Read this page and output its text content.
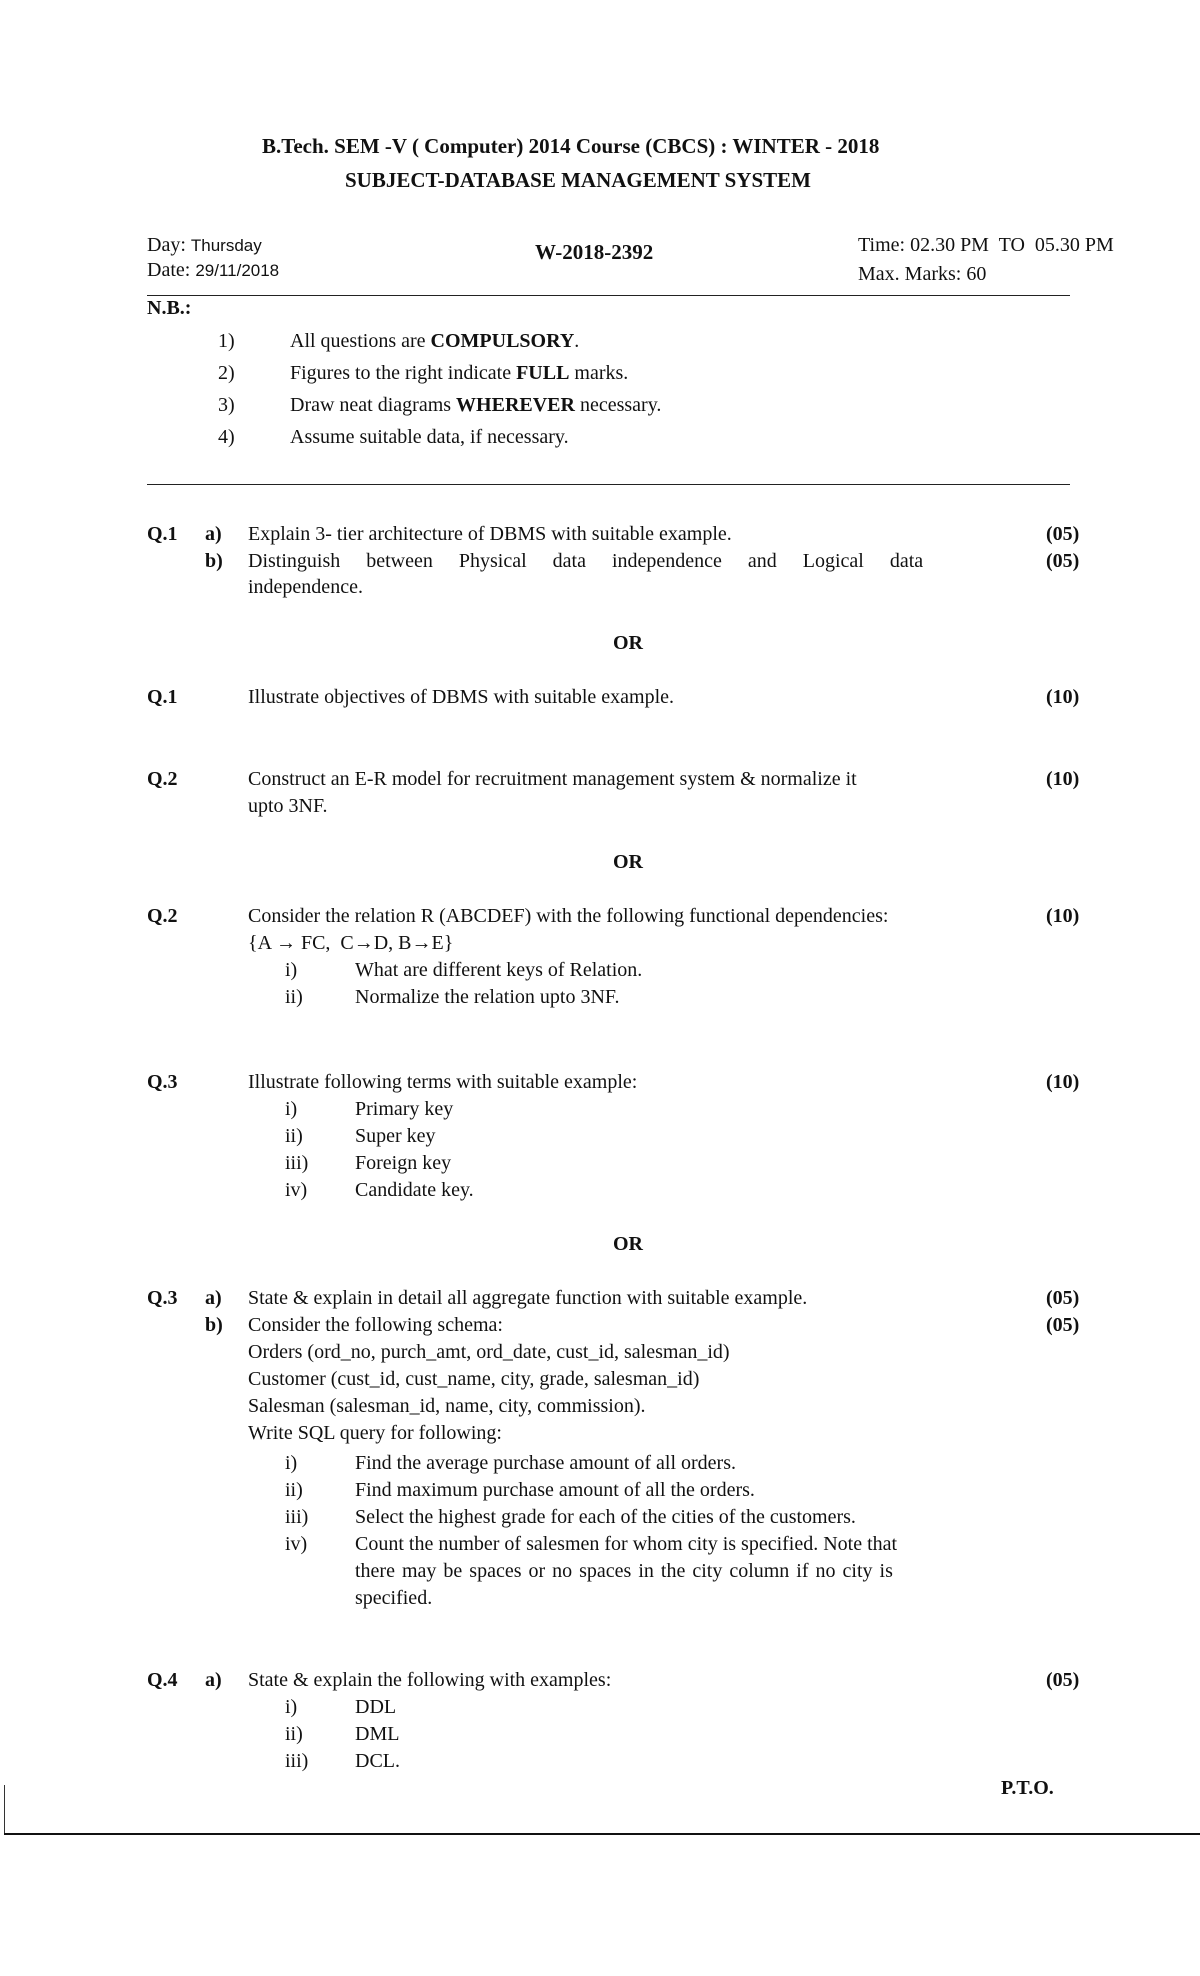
B.Tech. SEM -V ( Computer) 2014 Course (CBCS) : WINTER - 2018
SUBJECT-DATABASE MANAGEMENT SYSTEM
Day: Thursday
Date: 29/11/2018
W-2018-2392	Time: 02.30 PM  TO  05.30 PM
Max. Marks: 60
N.B.:
1)	All questions are COMPULSORY.
2)	Figures to the right indicate FULL marks.
3)	Draw neat diagrams WHEREVER necessary.
4)	Assume suitable data, if necessary.
Q.1 a) Explain 3- tier architecture of DBMS with suitable example.	(05)
b) Distinguish between Physical data independence and Logical data
independence.
(05)
OR
Q.1	Illustrate objectives of DBMS with suitable example.	(10)
Q.2	Construct an E-R model for recruitment management system & normalize it
upto 3NF.
(10)
OR
Q.2	Consider the relation R (ABCDEF) with the following functional dependencies:
{A → FC,  C→D, B→E}
(10)
i)	What are different keys of Relation.
ii)	Normalize the relation upto 3NF.
Q.3	Illustrate following terms with suitable example:	(10)
i)	Primary key
ii)	Super key
iii) Foreign key
iv) Candidate key.
OR
Q.3 a) State & explain in detail all aggregate function with suitable example.	(05)
b)	(05)
Consider the following schema:
Orders (ord_no, purch_amt, ord_date, cust_id, salesman_id)
Customer (cust_id, cust_name, city, grade, salesman_id)
Salesman (salesman_id, name, city, commission).
Write SQL query for following:
i)	Find the average purchase amount of all orders.
ii)	Find maximum purchase amount of all the orders.
iii) Select the highest grade for each of the cities of the customers.
iv) Count the number of salesmen for whom city is specified. Note that
there may be spaces or no spaces in the city column if no city is
specified.
Q.4 a) State & explain the following with examples:	(05)
i)	DDL
ii)	DML
iii) DCL.
P.T.O.
